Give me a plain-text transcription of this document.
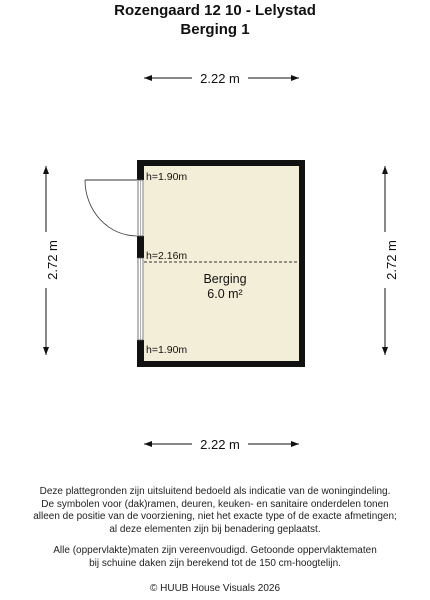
Rozengaard 12 10 - Lelystad
Berging 1
2.22 m
2.22 m
2.72 m	2.72 m
h=1.90m
h=2.16m
h=1.90m
Berging
6.0 m²
Deze plattegronden zijn uitsluitend bedoeld als indicatie van de woningindeling.
De symbolen voor (dak)ramen, deuren, keuken- en sanitaire onderdelen tonen
alleen de positie van de voorziening, niet het exacte type of de exacte afmetingen;
al deze elementen zijn bij benadering geplaatst.
Alle (oppervlakte)maten zijn vereenvoudigd. Getoonde oppervlaktematen
bij schuine daken zijn berekend tot de 150 cm-hoogtelijn.
© HUUB House Visuals 2026
